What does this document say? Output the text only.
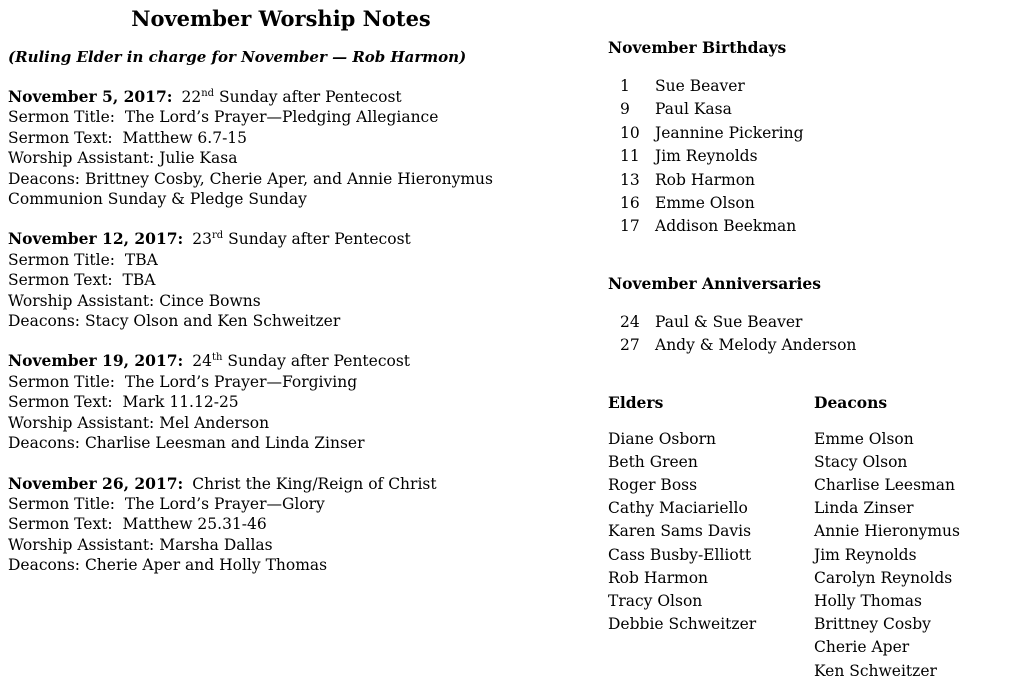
November Worship Notes

(Ruling Elder in charge for November — Rob Harmon)

November 5, 2017: 22nd Sunday after Pentecost

Sermon Title:  The Lord’s Prayer—Pledging Allegiance

Sermon Text:  Matthew 6.7-15

Worship Assistant: Julie Kasa

Deacons: Brittney Cosby, Cherie Aper, and Annie Hieronymus

Communion Sunday & Pledge Sunday

November 12, 2017: 23rd Sunday after Pentecost

Sermon Title:  TBA

Sermon Text:  TBA

Worship Assistant: Cince Bowns

Deacons: Stacy Olson and Ken Schweitzer

November 19, 2017: 24th Sunday after Pentecost

Sermon Title:  The Lord’s Prayer—Forgiving

Sermon Text:  Mark 11.12-25

Worship Assistant: Mel Anderson

Deacons: Charlise Leesman and Linda Zinser

November 26, 2017: Christ the King/Reign of Christ

Sermon Title:  The Lord’s Prayer—Glory

Sermon Text:  Matthew 25.31-46

Worship Assistant: Marsha Dallas

Deacons: Cherie Aper and Holly Thomas

November Birthdays

1	Sue Beaver

9	Paul Kasa

10 Jeannine Pickering

11 Jim Reynolds

13 Rob Harmon

16 Emme Olson

17 Addison Beekman

November Anniversaries

24 Paul & Sue Beaver

27 Andy & Melody Anderson

Elders

Diane Osborn

Beth Green

Roger Boss

Cathy Maciariello

Karen Sams Davis

Cass Busby-Elliott

Rob Harmon

Tracy Olson

Debbie Schweitzer

Deacons

Emme Olson

Stacy Olson

Charlise Leesman

Linda Zinser

Annie Hieronymus

Jim Reynolds

Carolyn Reynolds

Holly Thomas

Brittney Cosby

Cherie Aper

Ken Schweitzer
